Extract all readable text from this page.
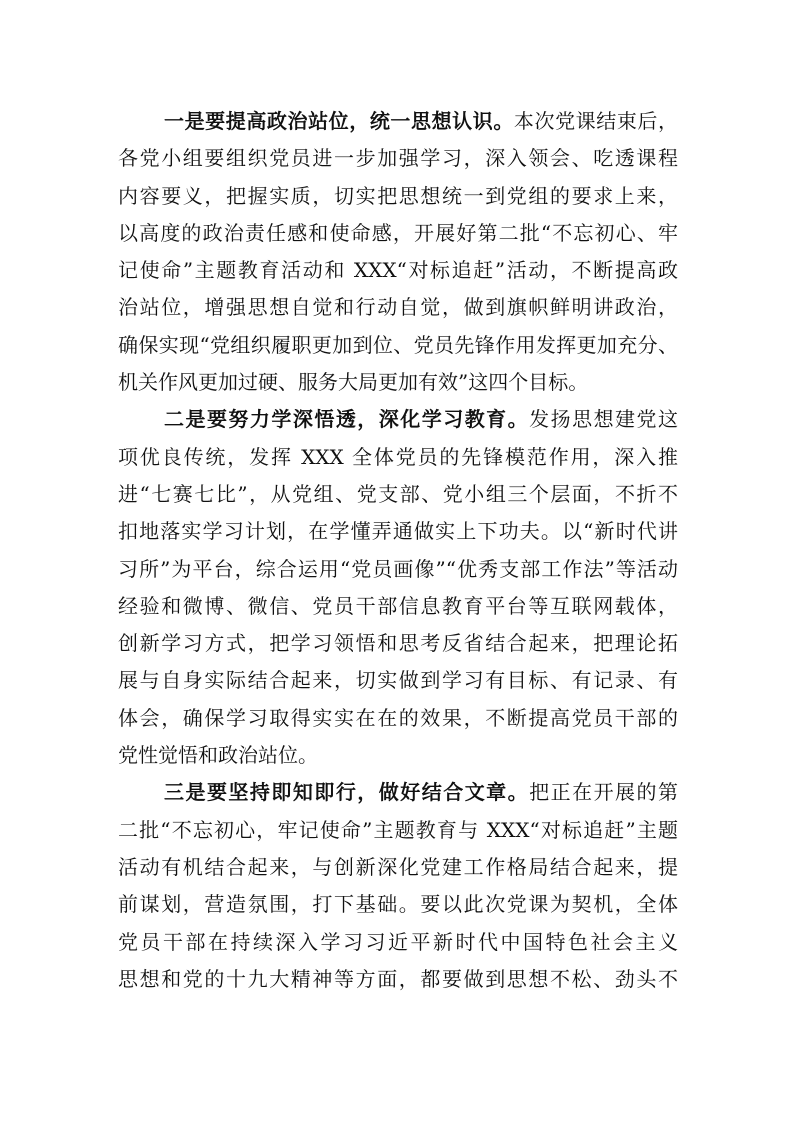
一是要提高政治站位，统一思想认识。本次党课结束后，
各党小组要组织党员进一步加强学习，深入领会、吃透课程
内容要义，把握实质，切实把思想统一到党组的要求上来，
以高度的政治责任感和使命感，开展好第二批“不忘初心、牢
记使命”主题教育活动和 XXX“对标追赶”活动，不断提高政
治站位，增强思想自觉和行动自觉，做到旗帜鲜明讲政治，
确保实现“党组织履职更加到位、党员先锋作用发挥更加充分、
机关作风更加过硬、服务大局更加有效”这四个目标。
二是要努力学深悟透，深化学习教育。发扬思想建党这
项优良传统，发挥 XXX 全体党员的先锋模范作用，深入推
进“七赛七比”，从党组、党支部、党小组三个层面，不折不
扣地落实学习计划，在学懂弄通做实上下功夫。以“新时代讲
习所”为平台，综合运用“党员画像”“优秀支部工作法”等活动
经验和微博、微信、党员干部信息教育平台等互联网载体，
创新学习方式，把学习领悟和思考反省结合起来，把理论拓
展与自身实际结合起来，切实做到学习有目标、有记录、有
体会，确保学习取得实实在在的效果，不断提高党员干部的
党性觉悟和政治站位。
三是要坚持即知即行，做好结合文章。把正在开展的第
二批“不忘初心，牢记使命”主题教育与 XXX“对标追赶”主题
活动有机结合起来，与创新深化党建工作格局结合起来，提
前谋划，营造氛围，打下基础。要以此次党课为契机，全体
党员干部在持续深入学习习近平新时代中国特色社会主义
思想和党的十九大精神等方面，都要做到思想不松、劲头不
